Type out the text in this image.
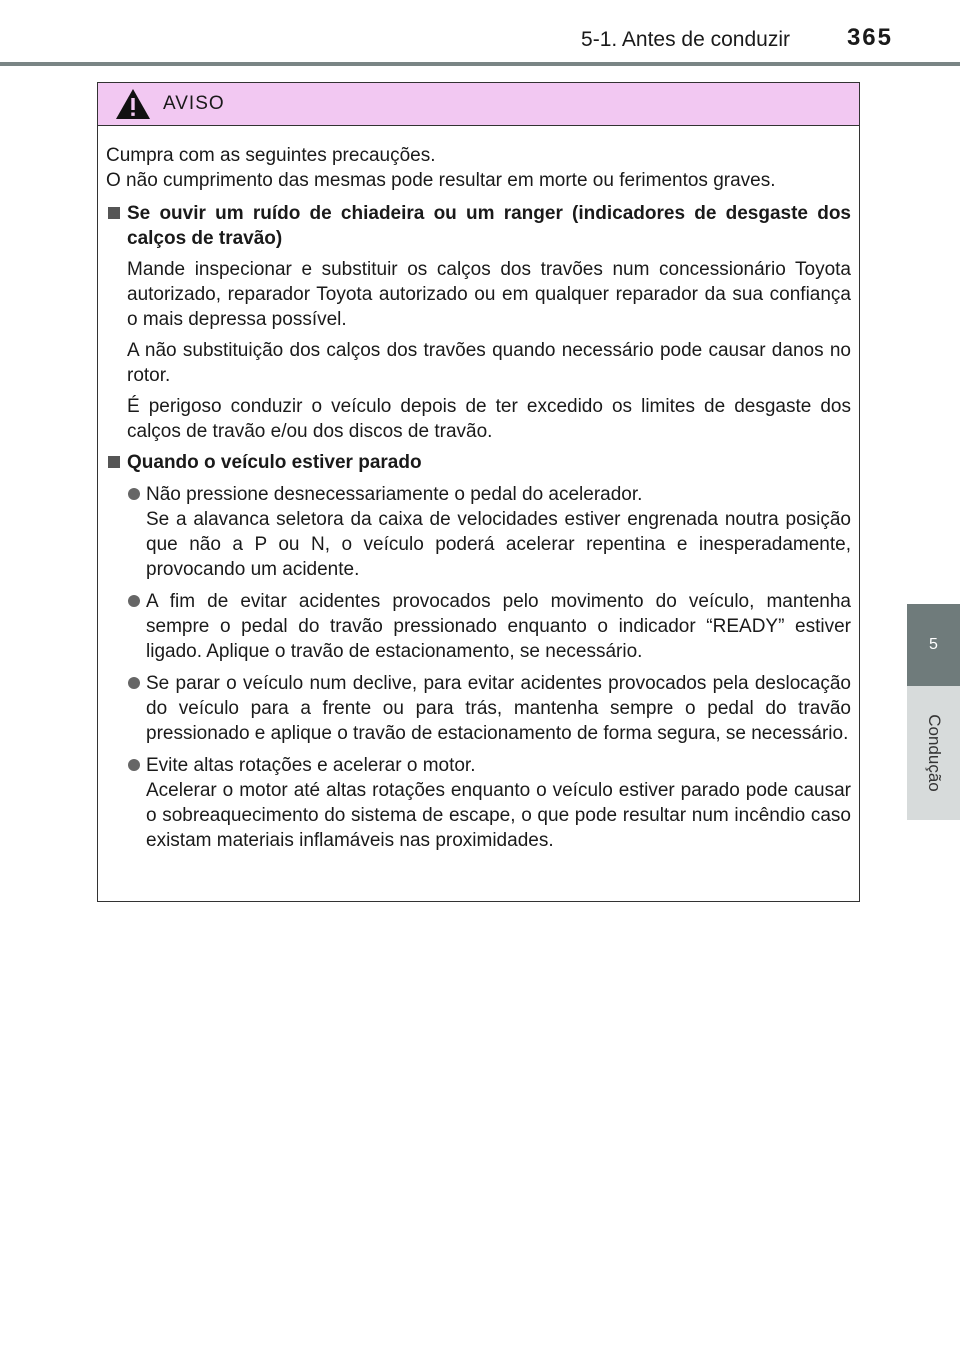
5-1. Antes de conduzir 365
5
Condução
AVISO

Cumpra com as seguintes precauções.

O não cumprimento das mesmas pode resultar em morte ou ferimentos graves.

Se ouvir um ruído de chiadeira ou um ranger (indicadores de desgaste dos calços de travão)

Mande inspecionar e substituir os calços dos travões num concessionário Toyota autorizado, reparador Toyota autorizado ou em qualquer reparador da sua confiança o mais depressa possível.

A não substituição dos calços dos travões quando necessário pode causar danos no rotor.

É perigoso conduzir o veículo depois de ter excedido os limites de desgaste dos calços de travão e/ou dos discos de travão.

Quando o veículo estiver parado

Não pressione desnecessariamente o pedal do acelerador.

Se a alavanca seletora da caixa de velocidades estiver engrenada noutra posição que não a P ou N, o veículo poderá acelerar repentina e inesperadamente, provocando um acidente.

A fim de evitar acidentes provocados pelo movimento do veículo, mantenha sempre o pedal do travão pressionado enquanto o indicador “READY” estiver ligado. Aplique o travão de estacionamento, se necessário.

Se parar o veículo num declive, para evitar acidentes provocados pela deslocação do veículo para a frente ou para trás, mantenha sempre o pedal do travão pressionado e aplique o travão de estacionamento de forma segura, se necessário.

Evite altas rotações e acelerar o motor.

Acelerar o motor até altas rotações enquanto o veículo estiver parado pode causar o sobreaquecimento do sistema de escape, o que pode resultar num incêndio caso existam materiais inflamáveis nas proximidades.
